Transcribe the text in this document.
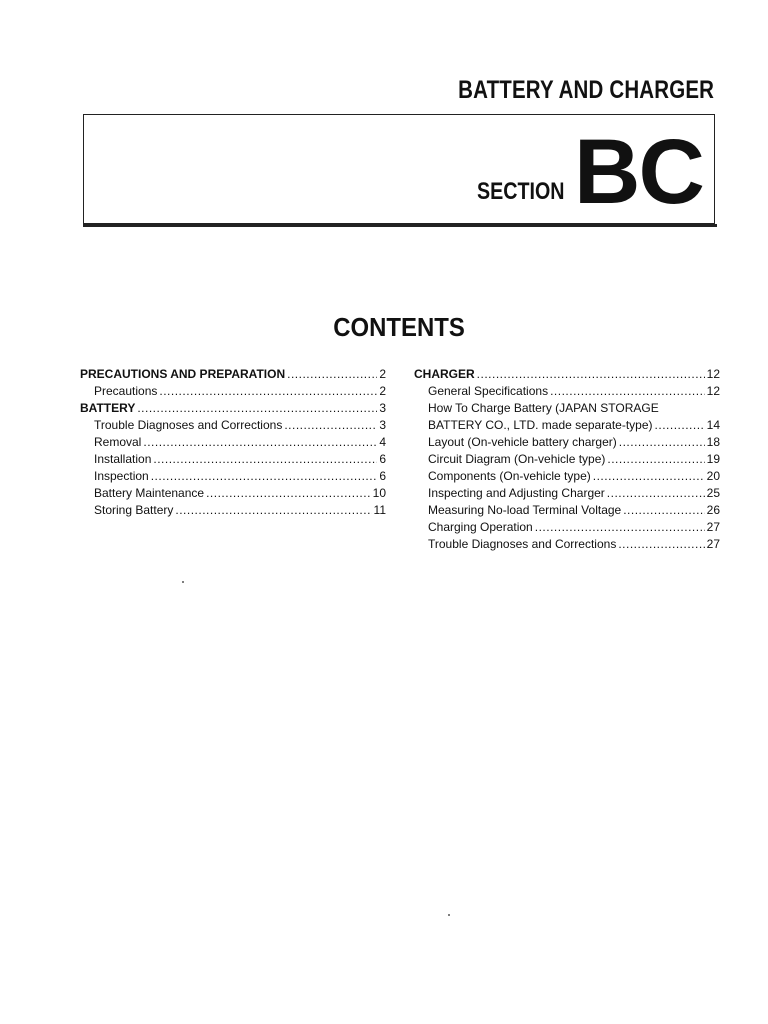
BATTERY AND CHARGER
SECTION BC
CONTENTS
PRECAUTIONS AND PREPARATION .....	2
Precautions .....	2
BATTERY .....	3
Trouble Diagnoses and Corrections .....	3
Removal .....	4
Installation .....	6
Inspection .....	6
Battery Maintenance .....	10
Storing Battery .....	11
CHARGER .....	12
General Specifications .....	12
How To Charge Battery (JAPAN STORAGE
BATTERY CO., LTD. made separate-type) .....	14
Layout (On-vehicle battery charger) .....	18
Circuit Diagram (On-vehicle type) .....	19
Components (On-vehicle type) .....	20
Inspecting and Adjusting Charger .....	25
Measuring No-load Terminal Voltage .....	26
Charging Operation .....	27
Trouble Diagnoses and Corrections .....	27
